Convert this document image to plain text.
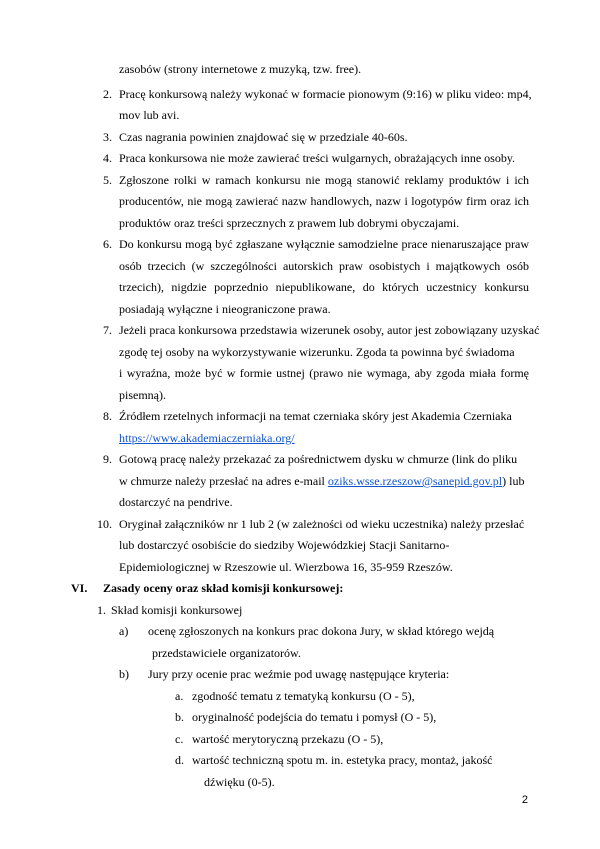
zasobów (strony internetowe z muzyką, tzw. free).
2. Pracę konkursową należy wykonać w formacie pionowym (9:16) w pliku video: mp4,
mov lub avi.
3. Czas nagrania powinien znajdować się w przedziale 40-60s.
4. Praca konkursowa nie może zawierać treści wulgarnych, obrażających inne osoby.
5. Zgłoszone rolki w ramach konkursu nie mogą stanowić reklamy produktów i ich
producentów, nie mogą zawierać nazw handlowych, nazw i logotypów firm oraz ich
produktów oraz treści sprzecznych z prawem lub dobrymi obyczajami.
6. Do konkursu mogą być zgłaszane wyłącznie samodzielne prace nienaruszające praw
osób trzecich (w szczególności autorskich praw osobistych i majątkowych osób
trzecich), nigdzie poprzednio niepublikowane, do których uczestnicy konkursu
posiadają wyłączne i nieograniczone prawa.
7. Jeżeli praca konkursowa przedstawia wizerunek osoby, autor jest zobowiązany uzyskać
zgodę tej osoby na wykorzystywanie wizerunku. Zgoda ta powinna być świadoma
i wyraźna, może być w formie ustnej (prawo nie wymaga, aby zgoda miała formę
pisemną).
8. Źródłem rzetelnych informacji na temat czerniaka skóry jest Akademia Czerniaka
https://www.akademiaczerniaka.org/
9. Gotową pracę należy przekazać za pośrednictwem dysku w chmurze (link do pliku
w chmurze należy przesłać na adres e-mail oziks.wsse.rzeszow@sanepid.gov.pl) lub
dostarczyć na pendrive.
10. Oryginał załączników nr 1 lub 2 (w zależności od wieku uczestnika) należy przesłać
lub dostarczyć osobiście do siedziby Wojewódzkiej Stacji Sanitarno-
Epidemiologicznej w Rzeszowie ul. Wierzbowa 16, 35-959 Rzeszów.
VI. Zasady oceny oraz skład komisji konkursowej:
1. Skład komisji konkursowej
a) ocenę zgłoszonych na konkurs prac dokona Jury, w skład którego wejdą
przedstawiciele organizatorów.
b) Jury przy ocenie prac weźmie pod uwagę następujące kryteria:
a. zgodność tematu z tematyką konkursu (O - 5),
b. oryginalność podejścia do tematu i pomysł (O - 5),
c. wartość merytoryczną przekazu (O - 5),
d. wartość techniczną spotu m. in. estetyka pracy, montaż, jakość
dźwięku (0-5).
2
